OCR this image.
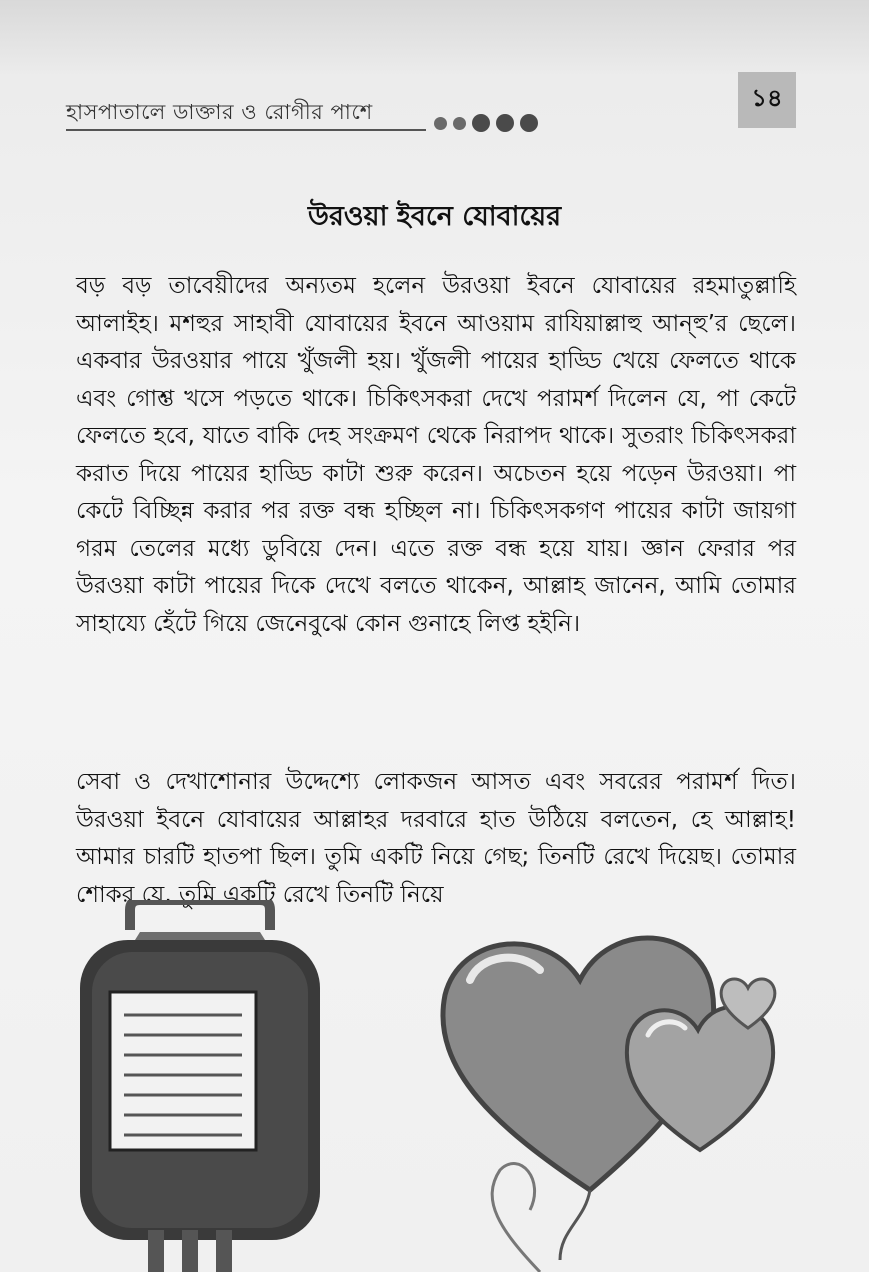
হাসপাতালে ডাক্তার ও রোগীর পাশে	১৪
উরওয়া ইবনে যোবায়ের

বড় বড় তাবেয়ীদের অন্যতম হলেন উরওয়া ইবনে যোবায়ের রহমাতুল্লাহি আলাইহ। মশহুর সাহাবী যোবায়ের ইবনে আওয়াম রাযিয়াল্লাহু আন্হু’র ছেলে। একবার উরওয়ার পায়ে খুঁজলী হয়। খুঁজলী পায়ের হাড্ডি খেয়ে ফেলতে থাকে এবং গোশ্ত খসে পড়তে থাকে। চিকিৎসকরা দেখে পরামর্শ দিলেন যে, পা কেটে ফেলতে হবে, যাতে বাকি দেহ সংক্রমণ থেকে নিরাপদ থাকে। সুতরাং চিকিৎসকরা করাত দিয়ে পায়ের হাড্ডি কাটা শুরু করেন। অচেতন হয়ে পড়েন উরওয়া। পা কেটে বিচ্ছিন্ন করার পর রক্ত বন্ধ হচ্ছিল না। চিকিৎসকগণ পায়ের কাটা জায়গা গরম তেলের মধ্যে ডুবিয়ে দেন। এতে রক্ত বন্ধ হয়ে যায়। জ্ঞান ফেরার পর উরওয়া কাটা পায়ের দিকে দেখে বলতে থাকেন, আল্লাহ জানেন, আমি তোমার সাহায্যে হেঁটে গিয়ে জেনেবুঝে কোন গুনাহে লিপ্ত হইনি।

সেবা ও দেখাশোনার উদ্দেশ্যে লোকজন আসত এবং সবরের পরামর্শ দিত। উরওয়া ইবনে যোবায়ের আল্লাহর দরবারে হাত উঠিয়ে বলতেন, হে আল্লাহ! আমার চারটি হাতপা ছিল। তুমি একটি নিয়ে গেছ; তিনটি রেখে দিয়েছ। তোমার শোকর যে, তুমি একটি রেখে তিনটি নিয়ে
